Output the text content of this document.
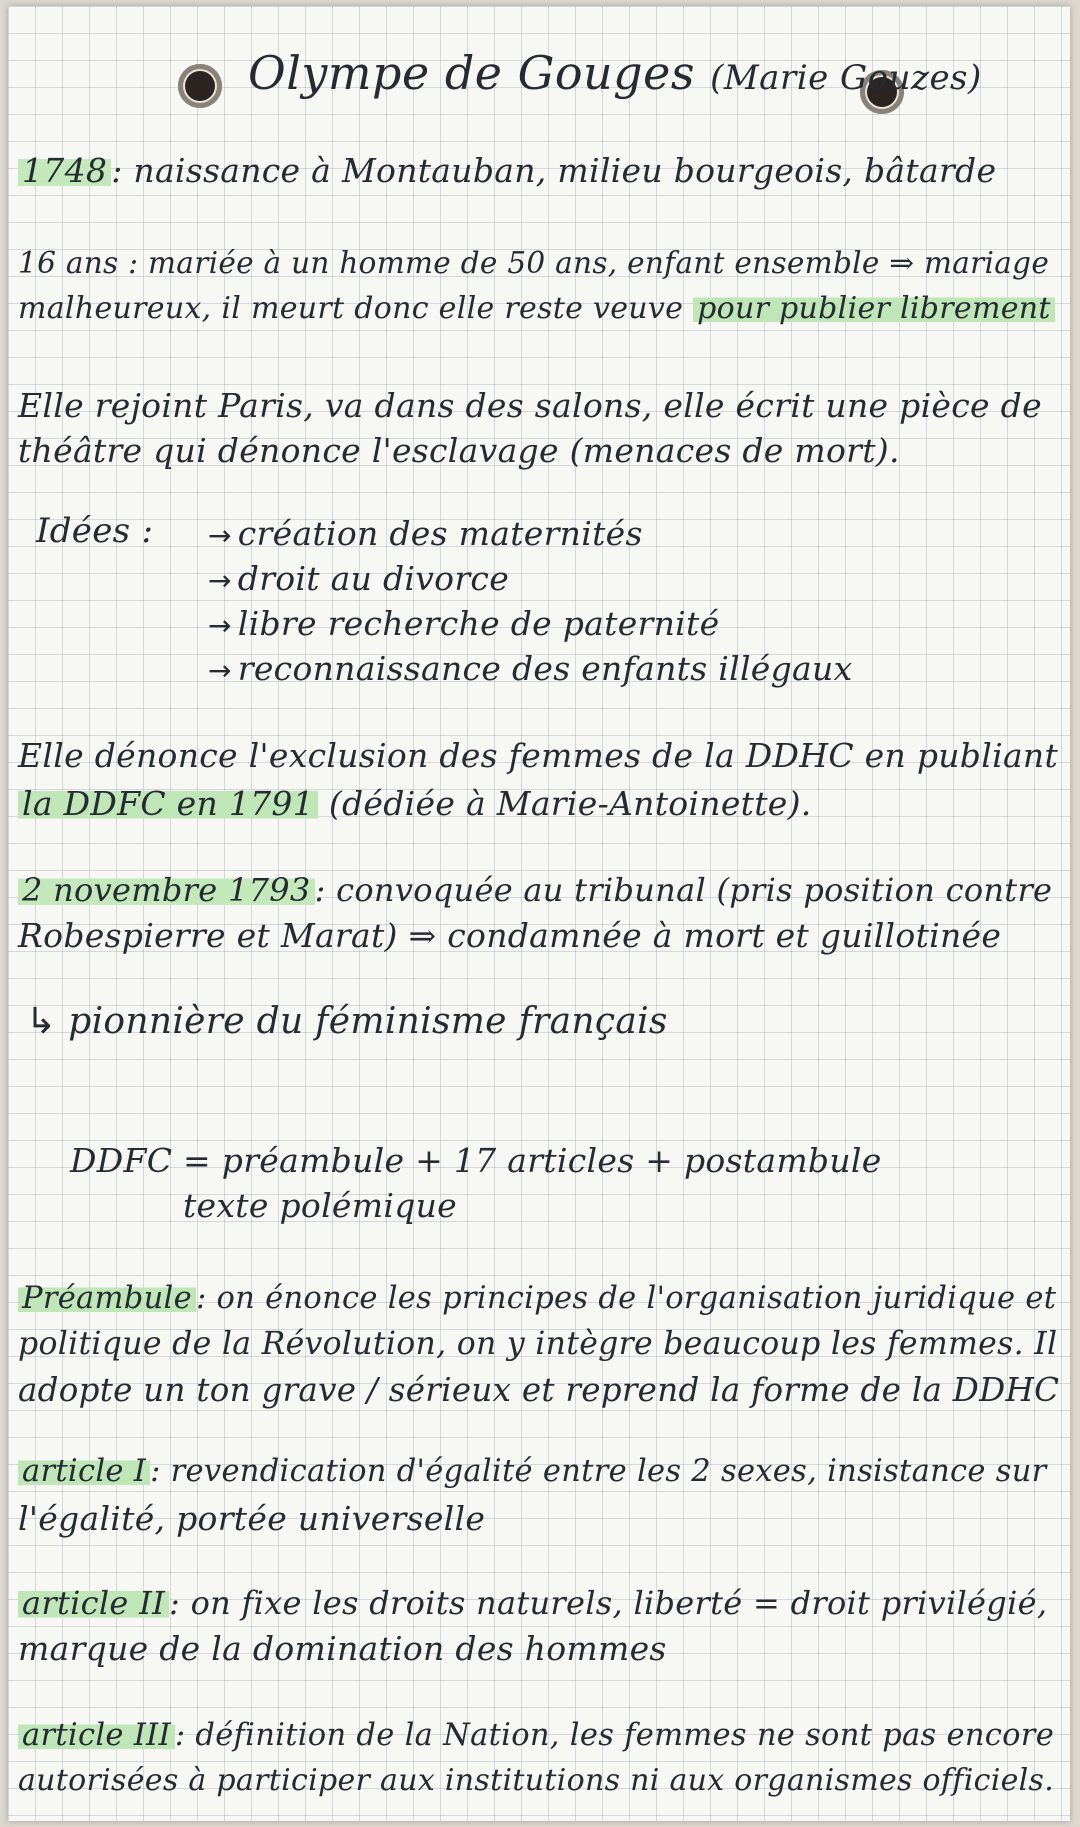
Olympe de Gouges (Marie Gouzes)
1748 : naissance à Montauban, milieu bourgeois, bâtarde
16 ans : mariée à un homme de 50 ans, enfant ensemble ⇒ mariage
malheureux, il meurt donc elle reste veuve pour publier librement
Elle rejoint Paris, va dans des salons, elle écrit une pièce de
théâtre qui dénonce l'esclavage (menaces de mort).
Idées : → création des maternités
→ droit au divorce
→ libre recherche de paternité
→ reconnaissance des enfants illégaux
Elle dénonce l'exclusion des femmes de la DDHC en publiant
la DDFC en 1791 (dédiée à Marie-Antoinette).
2 novembre 1793 : convoquée au tribunal (pris position contre
Robespierre et Marat) ⇒ condamnée à mort et guillotinée
↳ pionnière du féminisme français
DDFC = préambule + 17 articles + postambule
texte polémique
Préambule : on énonce les principes de l'organisation juridique et
politique de la Révolution, on y intègre beaucoup les femmes. Il
adopte un ton grave / sérieux et reprend la forme de la DDHC
article I : revendication d'égalité entre les 2 sexes, insistance sur
l'égalité, portée universelle
article II : on fixe les droits naturels, liberté = droit privilégié,
marque de la domination des hommes
article III : définition de la Nation, les femmes ne sont pas encore
autorisées à participer aux institutions ni aux organismes officiels.
